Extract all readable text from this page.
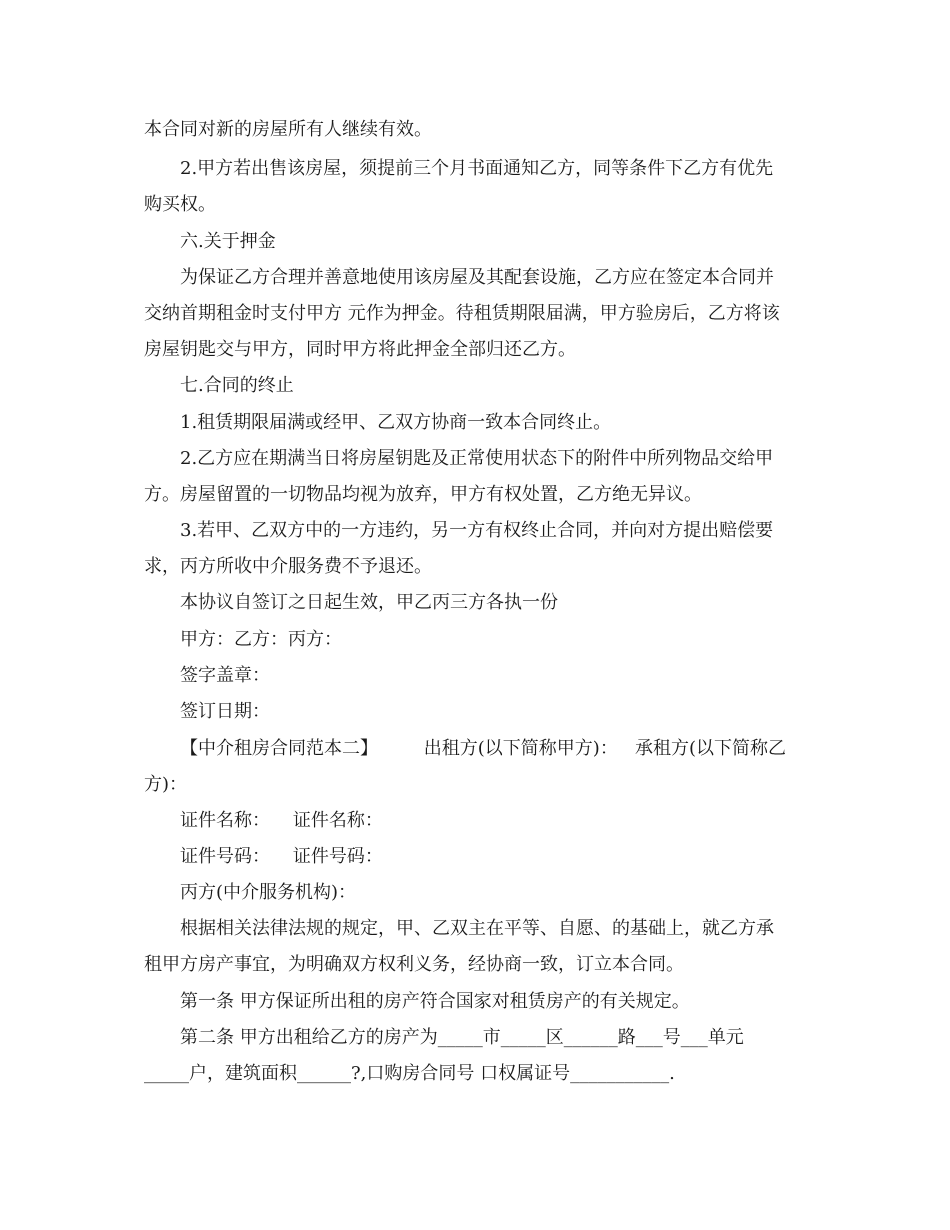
本合同对新的房屋所有人继续有效。
2.甲方若出售该房屋，须提前三个月书面通知乙方，同等条件下乙方有优先
购买权。
六.关于押金
为保证乙方合理并善意地使用该房屋及其配套设施，乙方应在签定本合同并
交纳首期租金时支付甲方 元作为押金。待租赁期限届满，甲方验房后，乙方将该
房屋钥匙交与甲方，同时甲方将此押金全部归还乙方。
七.合同的终止
1.租赁期限届满或经甲、乙双方协商一致本合同终止。
2.乙方应在期满当日将房屋钥匙及正常使用状态下的附件中所列物品交给甲
方。房屋留置的一切物品均视为放弃，甲方有权处置，乙方绝无异议。
3.若甲、乙双方中的一方违约，另一方有权终止合同，并向对方提出赔偿要
求，丙方所收中介服务费不予退还。
本协议自签订之日起生效，甲乙丙三方各执一份
甲方：乙方：丙方：
签字盖章：
签订日期：
【中介租房合同范本二】        出租方(以下简称甲方)：   承租方(以下简称乙
方)：
证件名称：    证件名称：
证件号码：    证件号码：
丙方(中介服务机构)：
根据相关法律法规的规定，甲、乙双主在平等、自愿、的基础上，就乙方承
租甲方房产事宜，为明确双方权利义务，经协商一致，订立本合同。
第一条 甲方保证所出租的房产符合国家对租赁房产的有关规定。
第二条 甲方出租给乙方的房产为_____市_____区______路___号___单元
_____户，建筑面积______?,口购房合同号 口权属证号___________.
